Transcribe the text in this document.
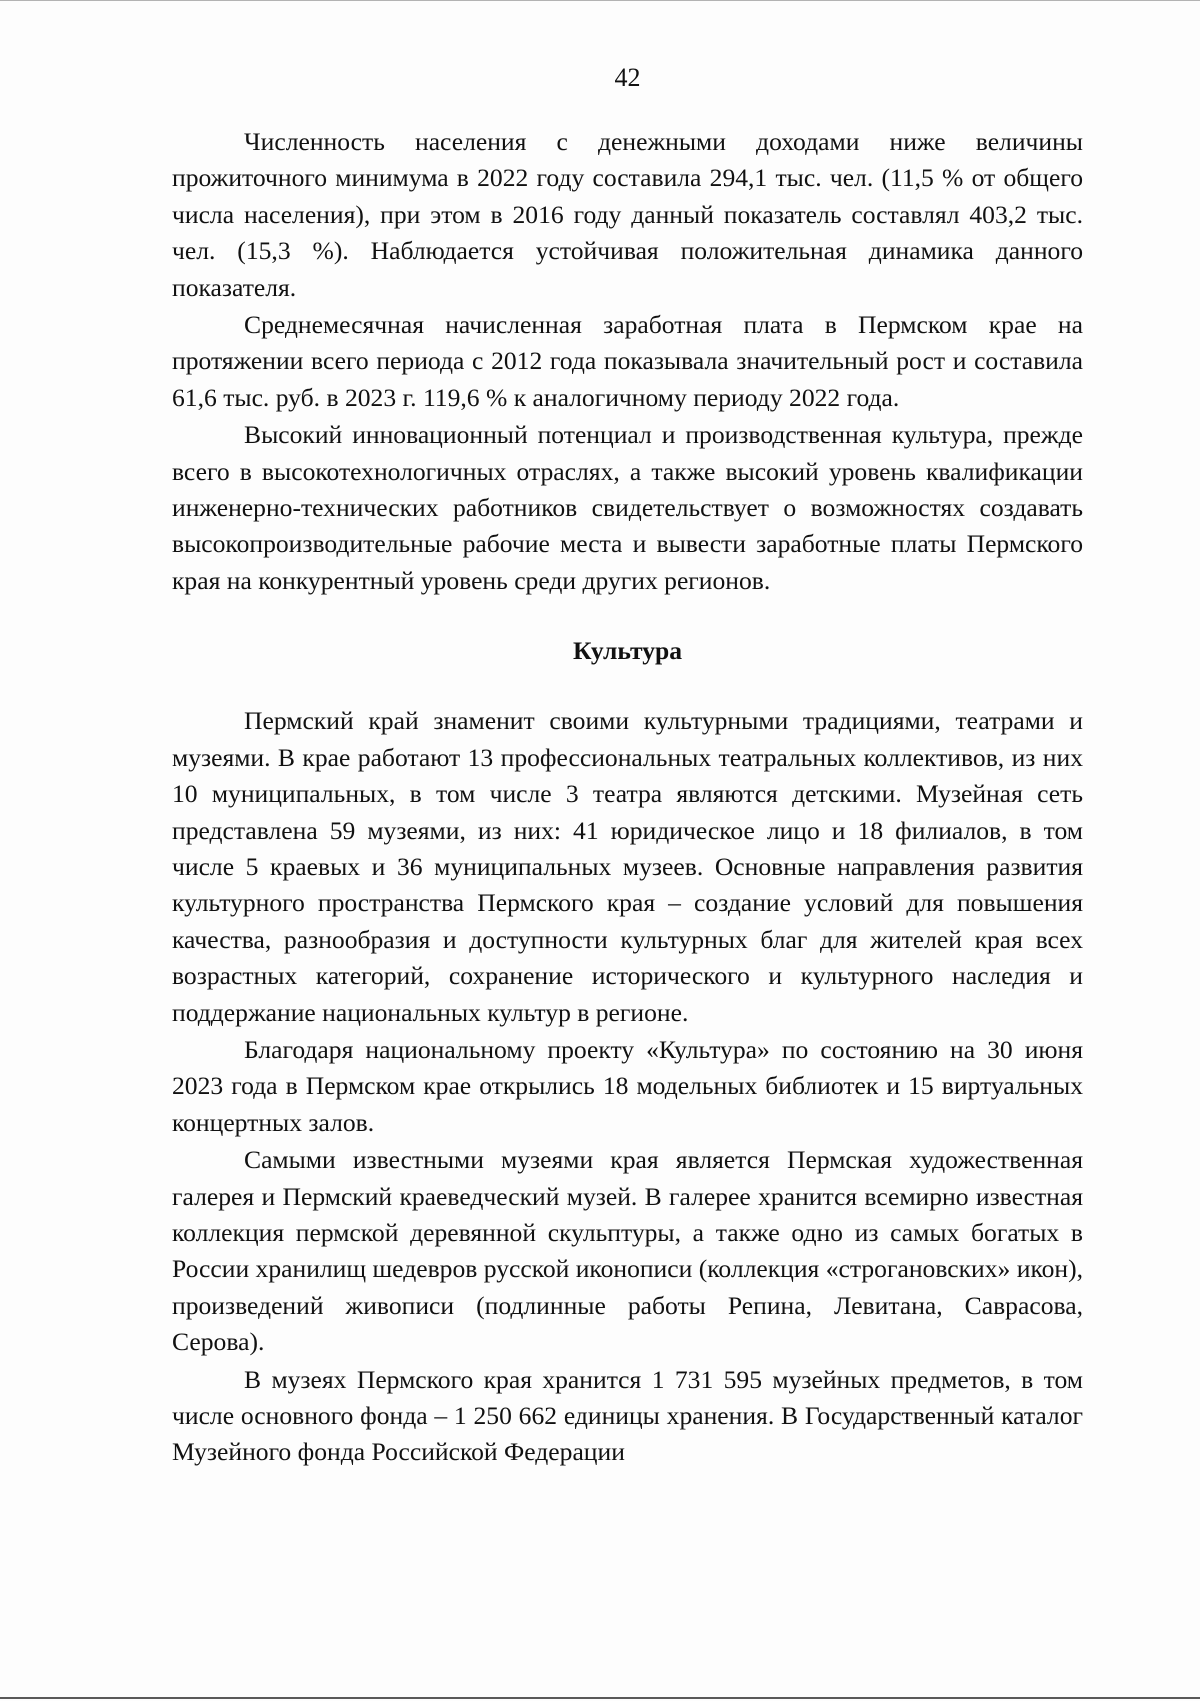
42

Численность населения с денежными доходами ниже величины прожиточного минимума в 2022 году составила 294,1 тыс. чел. (11,5 % от общего числа населения), при этом в 2016 году данный показатель составлял 403,2 тыс. чел. (15,3 %). Наблюдается устойчивая положительная динамика данного показателя.

Среднемесячная начисленная заработная плата в Пермском крае на протяжении всего периода с 2012 года показывала значительный рост и составила 61,6 тыс. руб. в 2023 г. 119,6 % к аналогичному периоду 2022 года.

Высокий инновационный потенциал и производственная культура, прежде всего в высокотехнологичных отраслях, а также высокий уровень квалификации инженерно-технических работников свидетельствует о возможностях создавать высокопроизводительные рабочие места и вывести заработные платы Пермского края на конкурентный уровень среди других регионов.

Культура

Пермский край знаменит своими культурными традициями, театрами и музеями. В крае работают 13 профессиональных театральных коллективов, из них 10 муниципальных, в том числе 3 театра являются детскими. Музейная сеть представлена 59 музеями, из них: 41 юридическое лицо и 18 филиалов, в том числе 5 краевых и 36 муниципальных музеев. Основные направления развития культурного пространства Пермского края – создание условий для повышения качества, разнообразия и доступности культурных благ для жителей края всех возрастных категорий, сохранение исторического и культурного наследия и поддержание национальных культур в регионе.

Благодаря национальному проекту «Культура» по состоянию на 30 июня 2023 года в Пермском крае открылись 18 модельных библиотек и 15 виртуальных концертных залов.

Самыми известными музеями края является Пермская художественная галерея и Пермский краеведческий музей. В галерее хранится всемирно известная коллекция пермской деревянной скульптуры, а также одно из самых богатых в России хранилищ шедевров русской иконописи (коллекция «строгановских» икон), произведений живописи (подлинные работы Репина, Левитана, Саврасова, Серова).

В музеях Пермского края хранится 1 731 595 музейных предметов, в том числе основного фонда – 1 250 662 единицы хранения. В Государственный каталог Музейного фонда Российской Федерации
